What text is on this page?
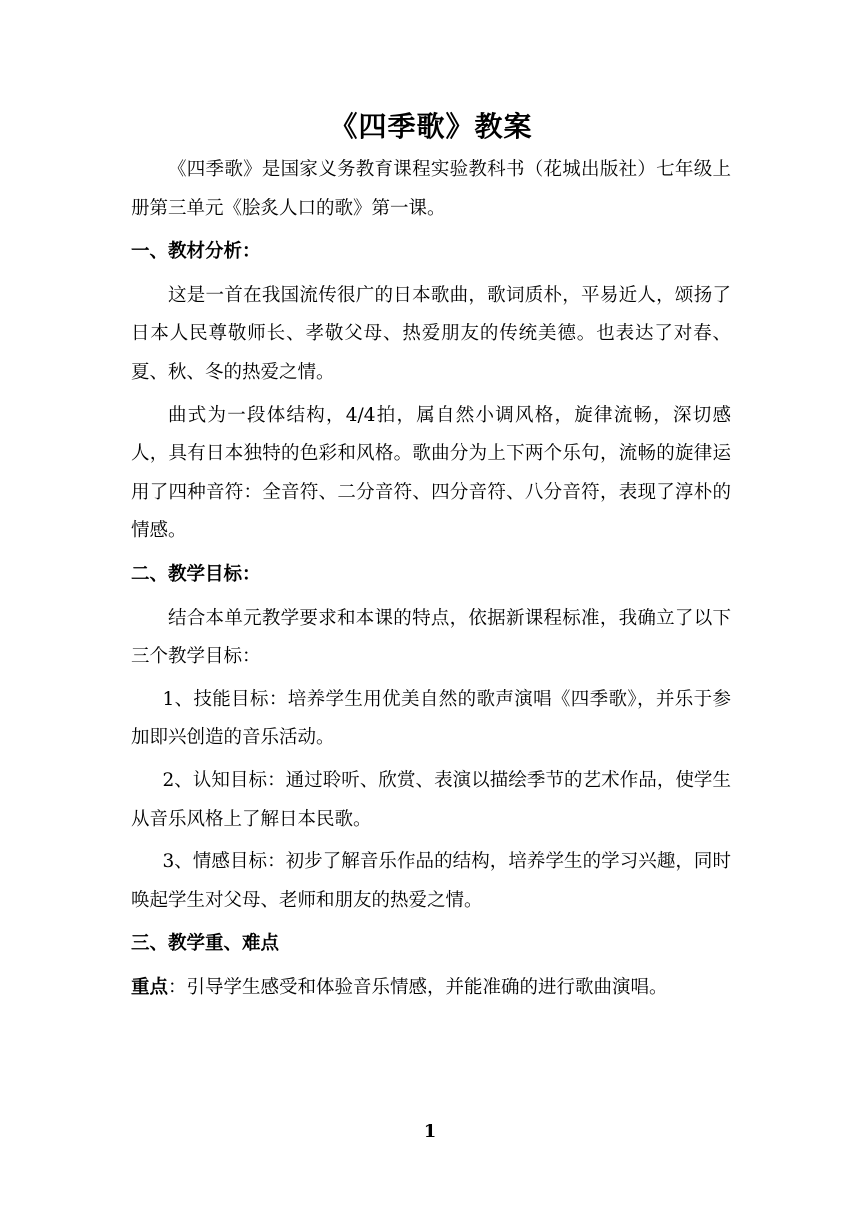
《四季歌》教案

《四季歌》是国家义务教育课程实验教科书（花城出版社）七年级上册第三单元《脍炙人口的歌》第一课。

一、教材分析：

这是一首在我国流传很广的日本歌曲，歌词质朴，平易近人，颂扬了日本人民尊敬师长、孝敬父母、热爱朋友的传统美德。也表达了对春、夏、秋、冬的热爱之情。

曲式为一段体结构，4/4拍，属自然小调风格，旋律流畅，深切感人，具有日本独特的色彩和风格。歌曲分为上下两个乐句，流畅的旋律运用了四种音符：全音符、二分音符、四分音符、八分音符，表现了淳朴的情感。

二、教学目标：

结合本单元教学要求和本课的特点，依据新课程标准，我确立了以下三个教学目标：

1、技能目标：培养学生用优美自然的歌声演唱《四季歌》，并乐于参加即兴创造的音乐活动。

2、认知目标：通过聆听、欣赏、表演以描绘季节的艺术作品，使学生从音乐风格上了解日本民歌。

3、情感目标：初步了解音乐作品的结构，培养学生的学习兴趣，同时唤起学生对父母、老师和朋友的热爱之情。

三、教学重、难点

重点：引导学生感受和体验音乐情感，并能准确的进行歌曲演唱。

1
